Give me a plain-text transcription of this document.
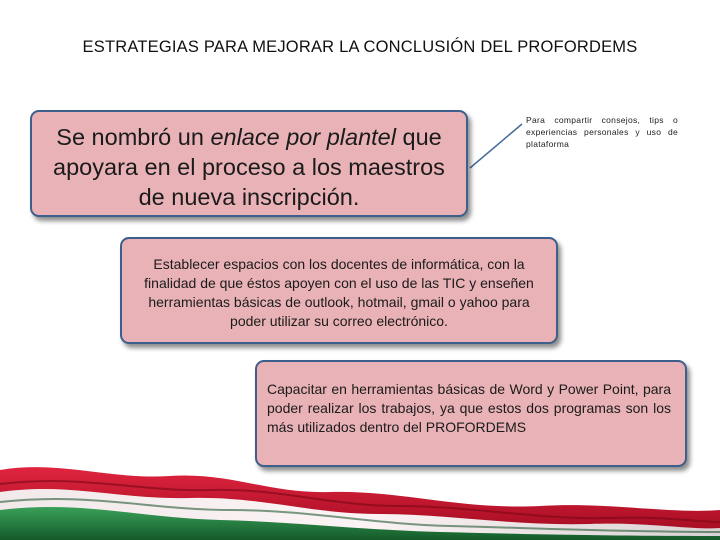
ESTRATEGIAS PARA MEJORAR LA CONCLUSIÓN DEL PROFORDEMS
Se nombró un enlace por plantel que apoyara en el proceso a los maestros de nueva inscripción.
Para compartir consejos, tips o experiencias personales y uso de plataforma
Establecer espacios con los docentes de informática, con la finalidad de que éstos apoyen con el uso de las TIC y enseñen herramientas básicas de outlook, hotmail, gmail o yahoo para poder utilizar su correo electrónico.
Capacitar en herramientas básicas de Word y Power Point, para poder realizar los trabajos, ya que estos dos programas son los más utilizados dentro del PROFORDEMS
